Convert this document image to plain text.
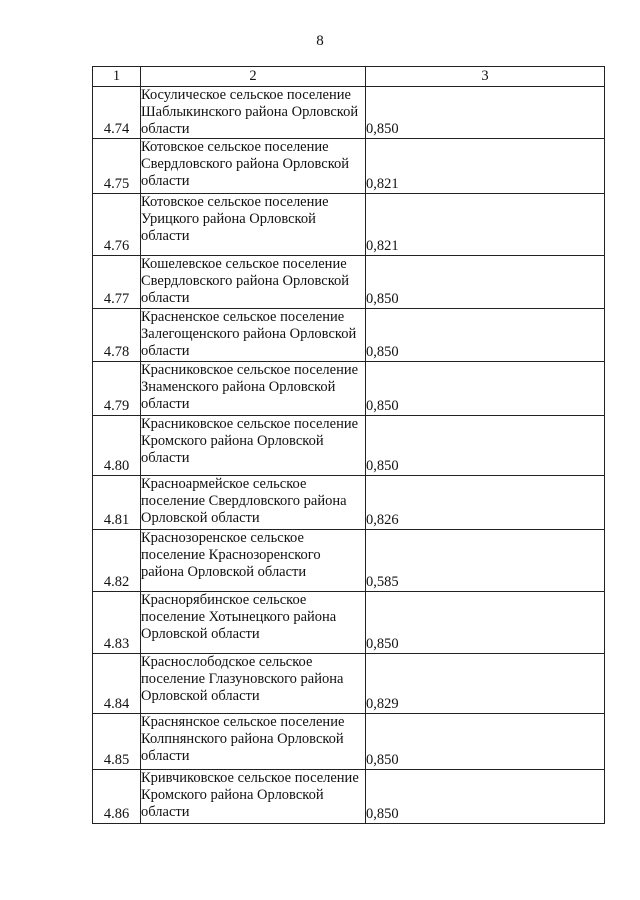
8
1	2	3
4.74	Косулическое сельское поселение Шаблыкинского района Орловской области	0,850
4.75	Котовское сельское поселение Свердловского района Орловской области	0,821
4.76	Котовское сельское поселение Урицкого района Орловской области	0,821
4.77	Кошелевское сельское поселение Свердловского района Орловской области	0,850
4.78	Красненское сельское поселение Залегощенского района Орловской области	0,850
4.79	Красниковское сельское поселение Знаменского района Орловской области	0,850
4.80	Красниковское сельское поселение Кромского района Орловской области	0,850
4.81	Красноармейское сельское поселение Свердловского района Орловской области	0,826
4.82	Краснозоренское сельское поселение Краснозоренского района Орловской области	0,585
4.83	Краснорябинское сельское поселение Хотынецкого района Орловской области	0,850
4.84	Краснослободское сельское поселение Глазуновского района Орловской области	0,829
4.85	Краснянское сельское поселение Колпнянского района Орловской области	0,850
4.86	Кривчиковское сельское поселение Кромского района Орловской области	0,850
